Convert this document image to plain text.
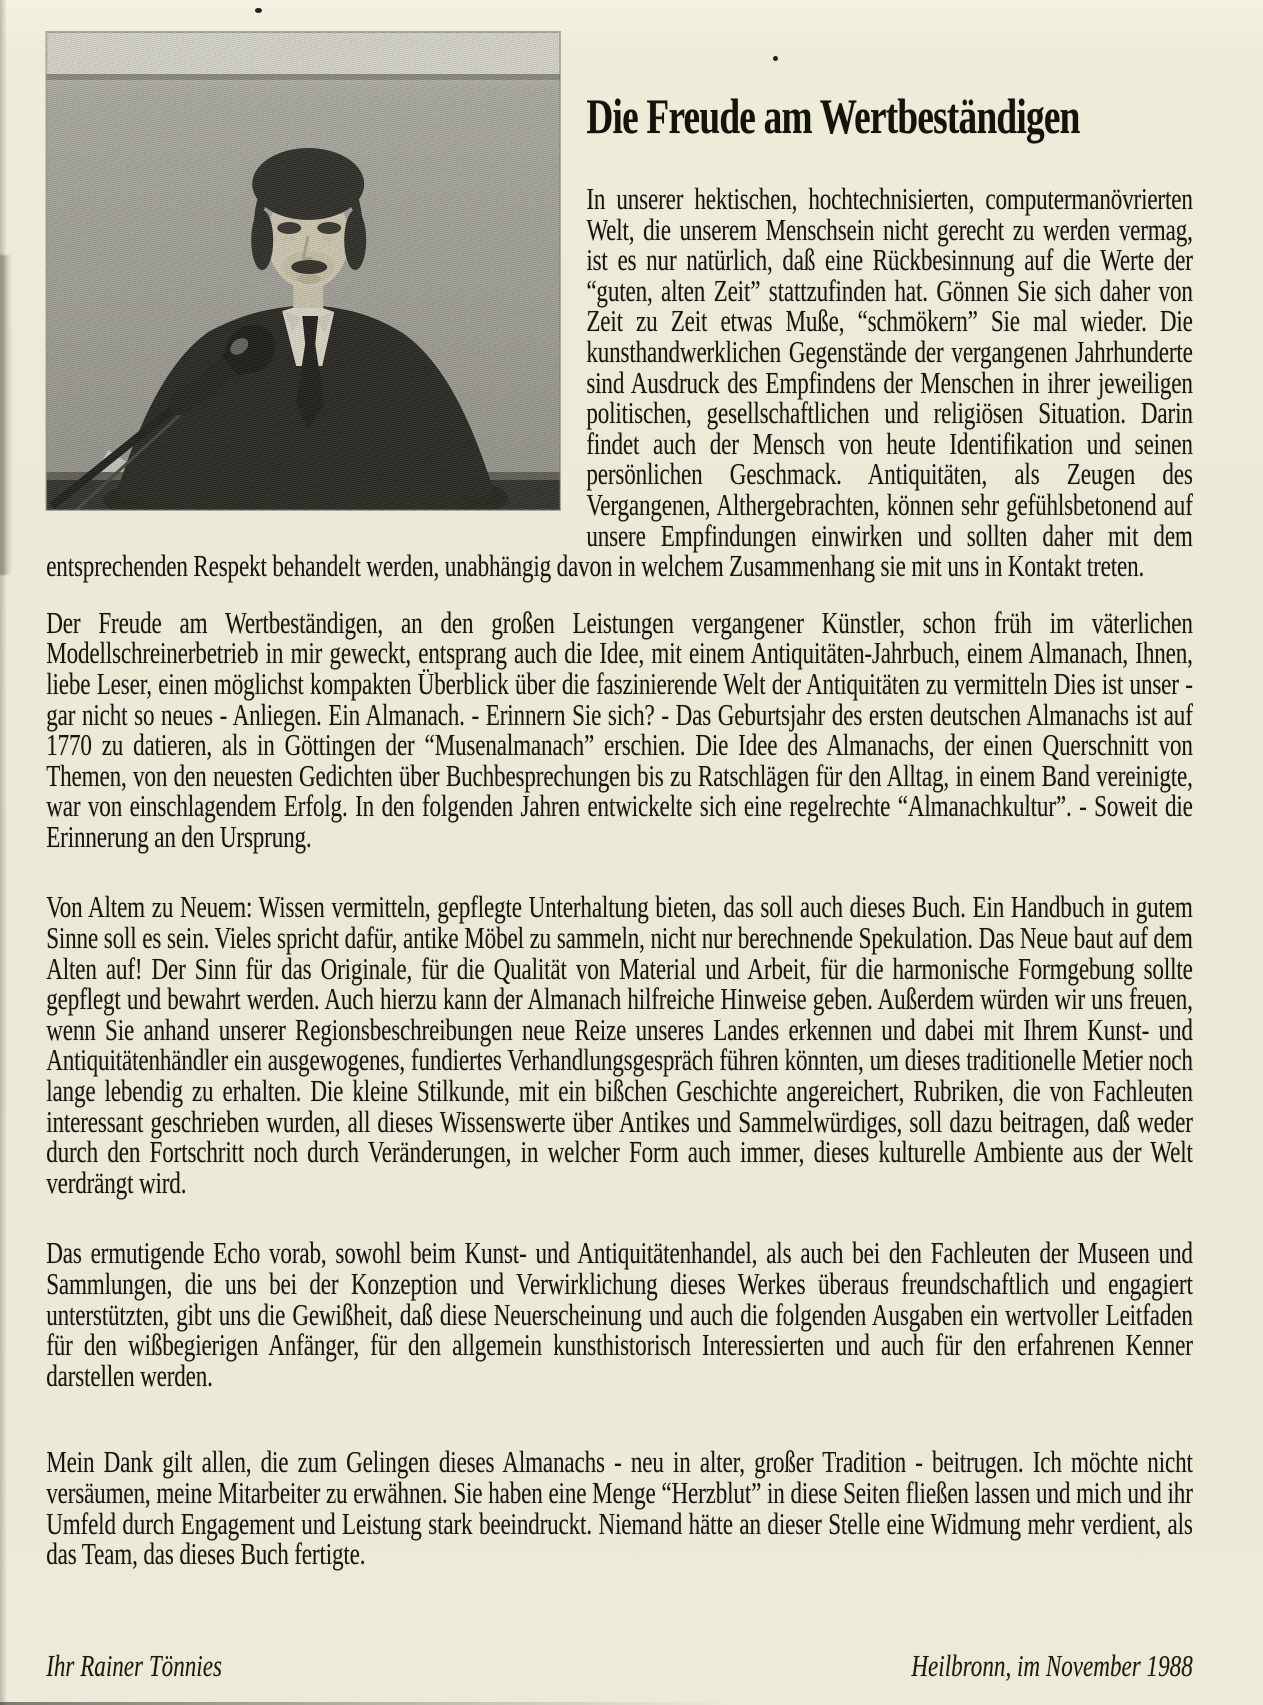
Die Freude am Wertbeständigen

In unserer hektischen, hochtechnisierten, computermanövrierten Welt, die unserem Menschsein nicht gerecht zu werden vermag, ist es nur natürlich, daß eine Rückbesinnung auf die Werte der “guten, alten Zeit” stattzufinden hat. Gönnen Sie sich daher von Zeit zu Zeit etwas Muße, “schmökern” Sie mal wieder. Die kunsthandwerklichen Gegenstände der vergangenen Jahrhunderte sind Ausdruck des Empfindens der Menschen in ihrer jeweiligen politischen, gesellschaftlichen und religiösen Situation. Darin findet auch der Mensch von heute Identifikation und seinen persönlichen Geschmack. Antiquitäten, als Zeugen des Vergangenen, Althergebrachten, können sehr gefühlsbetonend auf unsere Empfindungen einwirken und sollten daher mit dem entsprechenden Respekt behandelt werden, unabhängig davon in welchem Zusammenhang sie mit uns in Kontakt treten.

Der Freude am Wertbeständigen, an den großen Leistungen vergangener Künstler, schon früh im väterlichen Modellschreinerbetrieb in mir geweckt, entsprang auch die Idee, mit einem Antiquitäten-Jahrbuch, einem Almanach, Ihnen, liebe Leser, einen möglichst kompakten Überblick über die faszinierende Welt der Antiquitäten zu vermitteln Dies ist unser - gar nicht so neues - Anliegen. Ein Almanach. - Erinnern Sie sich? - Das Geburtsjahr des ersten deutschen Almanachs ist auf 1770 zu datieren, als in Göttingen der “Musenalmanach” erschien. Die Idee des Almanachs, der einen Querschnitt von Themen, von den neuesten Gedichten über Buchbesprechungen bis zu Ratschlägen für den Alltag, in einem Band vereinigte, war von einschlagendem Erfolg. In den folgenden Jahren entwickelte sich eine regelrechte “Almanachkultur”. - Soweit die Erinnerung an den Ursprung.

Von Altem zu Neuem: Wissen vermitteln, gepflegte Unterhaltung bieten, das soll auch dieses Buch. Ein Handbuch in gutem Sinne soll es sein. Vieles spricht dafür, antike Möbel zu sammeln, nicht nur berechnende Spekulation. Das Neue baut auf dem Alten auf! Der Sinn für das Originale, für die Qualität von Material und Arbeit, für die harmonische Formgebung sollte gepflegt und bewahrt werden. Auch hierzu kann der Almanach hilfreiche Hinweise geben. Außerdem würden wir uns freuen, wenn Sie anhand unserer Regionsbeschreibungen neue Reize unseres Landes erkennen und dabei mit Ihrem Kunst- und Antiquitätenhändler ein ausgewogenes, fundiertes Verhandlungsgespräch führen könnten, um dieses traditionelle Metier noch lange lebendig zu erhalten. Die kleine Stilkunde, mit ein bißchen Geschichte angereichert, Rubriken, die von Fachleuten interessant geschrieben wurden, all dieses Wissenswerte über Antikes und Sammelwürdiges, soll dazu beitragen, daß weder durch den Fortschritt noch durch Veränderungen, in welcher Form auch immer, dieses kulturelle Ambiente aus der Welt verdrängt wird.

Das ermutigende Echo vorab, sowohl beim Kunst- und Antiquitätenhandel, als auch bei den Fachleuten der Museen und Sammlungen, die uns bei der Konzeption und Verwirklichung dieses Werkes überaus freundschaftlich und engagiert unterstützten, gibt uns die Gewißheit, daß diese Neuerscheinung und auch die folgenden Ausgaben ein wertvoller Leitfaden für den wißbegierigen Anfänger, für den allgemein kunsthistorisch Interessierten und auch für den erfahrenen Kenner darstellen werden.

Mein Dank gilt allen, die zum Gelingen dieses Almanachs - neu in alter, großer Tradition - beitrugen. Ich möchte nicht versäumen, meine Mitarbeiter zu erwähnen. Sie haben eine Menge “Herzblut” in diese Seiten fließen lassen und mich und ihr Umfeld durch Engagement und Leistung stark beeindruckt. Niemand hätte an dieser Stelle eine Widmung mehr verdient, als das Team, das dieses Buch fertigte.

Ihr Rainer Tönnies	Heilbronn, im November 1988
